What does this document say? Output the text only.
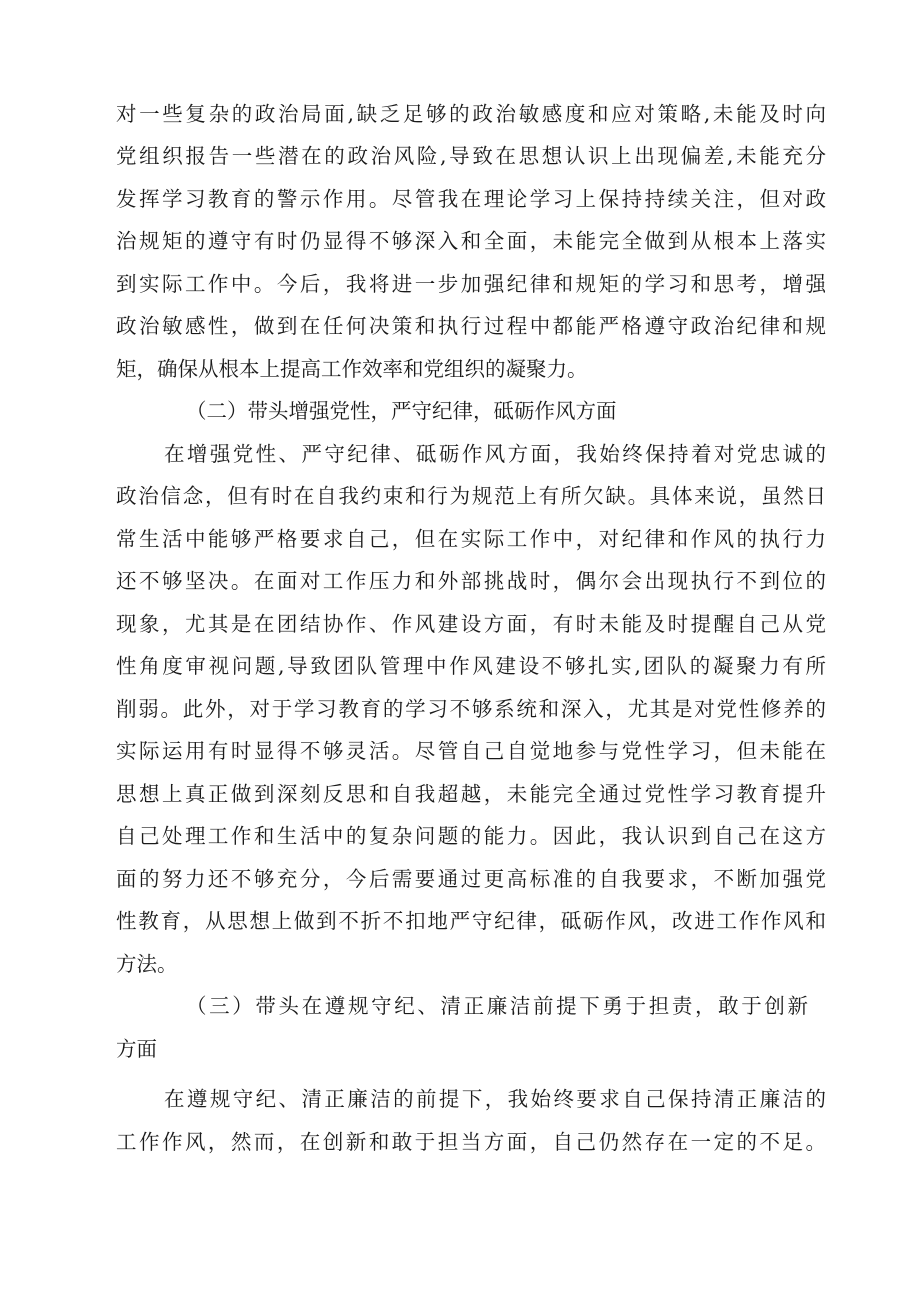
对一些复杂的政治局面,缺乏足够的政治敏感度和应对策略,未能及时向

党组织报告一些潜在的政治风险,导致在思想认识上出现偏差,未能充分

发挥学习教育的警示作用。尽管我在理论学习上保持持续关注，但对政

治规矩的遵守有时仍显得不够深入和全面，未能完全做到从根本上落实

到实际工作中。今后，我将进一步加强纪律和规矩的学习和思考，增强

政治敏感性，做到在任何决策和执行过程中都能严格遵守政治纪律和规

矩，确保从根本上提高工作效率和党组织的凝聚力。

（二）带头增强党性，严守纪律，砥砺作风方面

在增强党性、严守纪律、砥砺作风方面，我始终保持着对党忠诚的

政治信念，但有时在自我约束和行为规范上有所欠缺。具体来说，虽然日

常生活中能够严格要求自己，但在实际工作中，对纪律和作风的执行力

还不够坚决。在面对工作压力和外部挑战时，偶尔会出现执行不到位的

现象，尤其是在团结协作、作风建设方面，有时未能及时提醒自己从党

性角度审视问题,导致团队管理中作风建设不够扎实,团队的凝聚力有所

削弱。此外，对于学习教育的学习不够系统和深入，尤其是对党性修养的

实际运用有时显得不够灵活。尽管自己自觉地参与党性学习，但未能在

思想上真正做到深刻反思和自我超越，未能完全通过党性学习教育提升

自己处理工作和生活中的复杂问题的能力。因此，我认识到自己在这方

面的努力还不够充分，今后需要通过更高标准的自我要求，不断加强党

性教育，从思想上做到不折不扣地严守纪律，砥砺作风，改进工作作风和

方法。

（三）带头在遵规守纪、清正廉洁前提下勇于担责，敢于创新

方面

在遵规守纪、清正廉洁的前提下，我始终要求自己保持清正廉洁的

工作作风，然而，在创新和敢于担当方面，自己仍然存在一定的不足。
